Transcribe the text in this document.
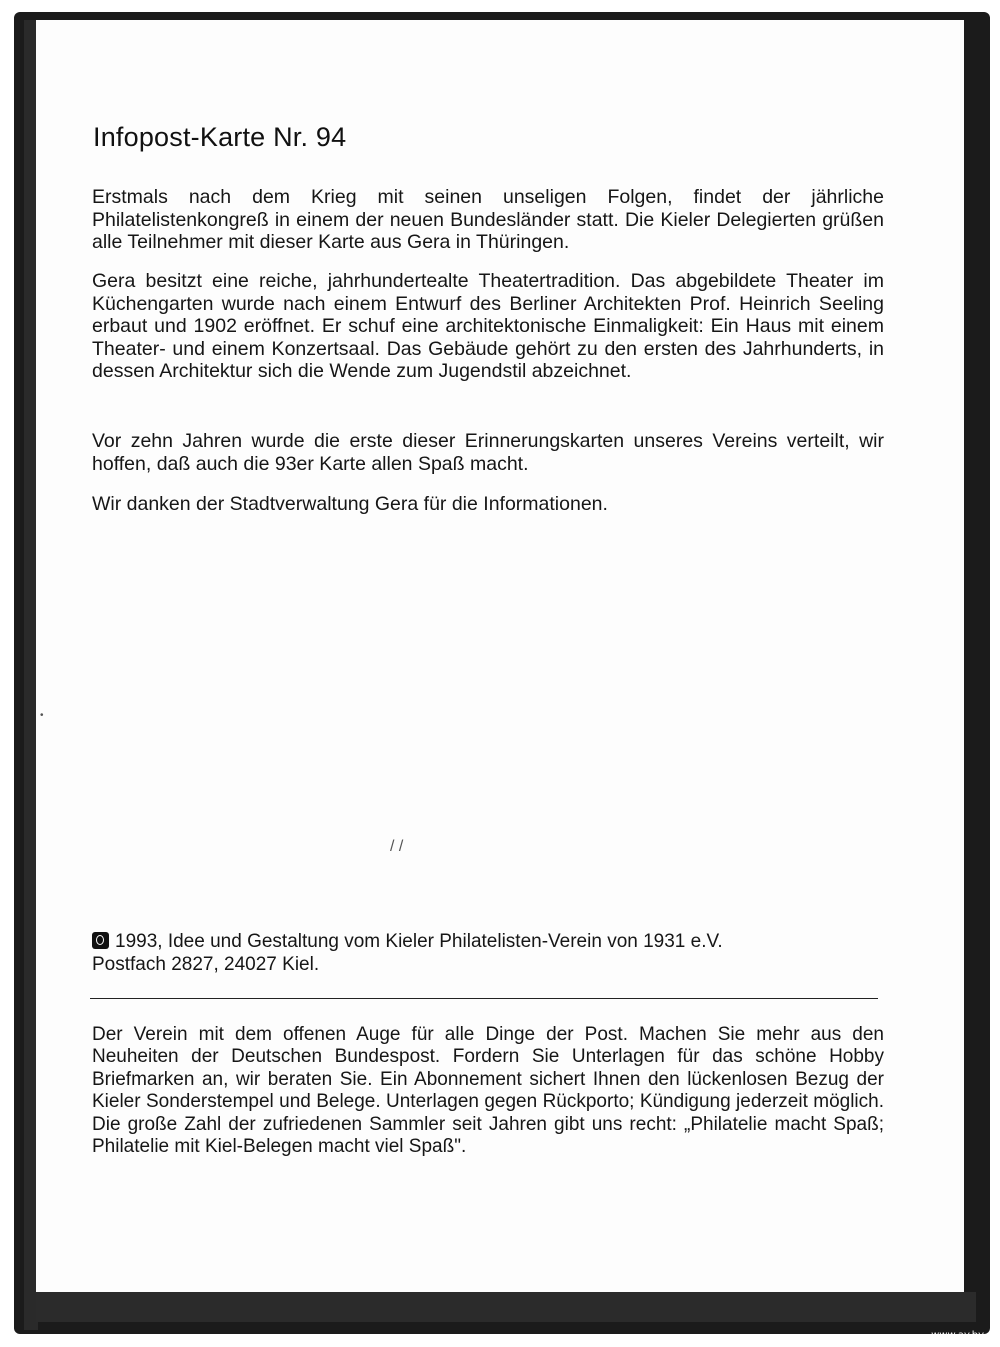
Infopost-Karte Nr. 94

Erstmals nach dem Krieg mit seinen unseligen Folgen, findet der jährliche Philatelistenkongreß in einem der neuen Bundesländer statt. Die Kieler Delegierten grüßen alle Teilnehmer mit dieser Karte aus Gera in Thüringen.

Gera besitzt eine reiche, jahrhundertealte Theatertradition. Das abgebildete Theater im Küchengarten wurde nach einem Entwurf des Berliner Architekten Prof. Heinrich Seeling erbaut und 1902 eröffnet. Er schuf eine architektonische Einmaligkeit: Ein Haus mit einem Theater- und einem Konzertsaal. Das Gebäude gehört zu den ersten des Jahrhunderts, in dessen Architektur sich die Wende zum Jugendstil abzeichnet.

Vor zehn Jahren wurde die erste dieser Erinnerungskarten unseres Vereins verteilt, wir hoffen, daß auch die 93er Karte allen Spaß macht.

Wir danken der Stadtverwaltung Gera für die Informationen.

/ /
•
1993, Idee und Gestaltung vom Kieler Philatelisten-Verein von 1931 e.V.
Postfach 2827, 24027 Kiel.

Der Verein mit dem offenen Auge für alle Dinge der Post. Machen Sie mehr aus den Neuheiten der Deutschen Bundespost. Fordern Sie Unterlagen für das schöne Hobby Briefmarken an, wir beraten Sie. Ein Abonnement sichert Ihnen den lückenlosen Bezug der Kieler Sonderstempel und Belege. Unterlagen gegen Rückporto; Kündigung jederzeit möglich. Die große Zahl der zufriedenen Sammler seit Jahren gibt uns recht: „Philatelie macht Spaß; Philatelie mit Kiel-Belegen macht viel Spaß".

www.ay.by
